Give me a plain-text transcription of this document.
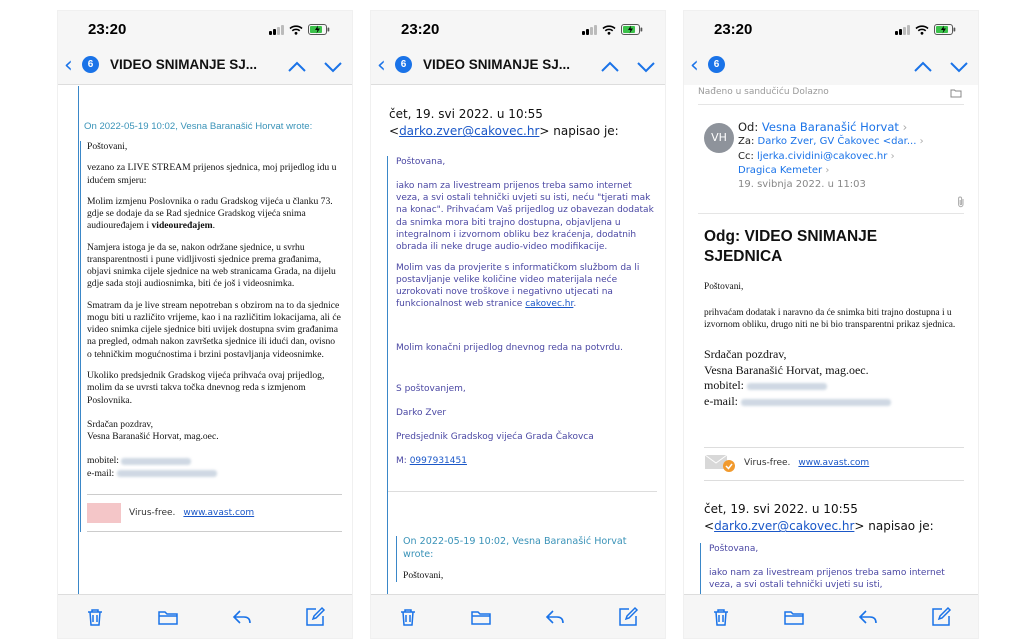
23:20
‹	6	VIDEO SNIMANJE SJ...
On 2022-05-19 10:02, Vesna Baranašić Horvat wrote:

Poštovani,

vezano za LIVE STREAM prijenos sjednica, moj prijedlog idu u idućem smjeru:

Molim izmjenu Poslovnika o radu Gradskog vijeća u članku 73. gdje se dodaje da se Rad sjednice Gradskog vijeća snima audiouređajem i videouređajem.

Namjera istoga je da se, nakon održane sjednice, u svrhu transparentnosti i pune vidljivosti sjednice prema građanima, objavi snimka cijele sjednice na web stranicama Grada, na dijelu gdje sada stoji audiosnimka, biti će još i videosnimka.

Smatram da je live stream nepotreban s obzirom na to da sjednice mogu biti u različito vrijeme, kao i na različitim lokacijama, ali će video snimka cijele sjednice biti uvijek dostupna svim građanima na pregled, odmah nakon završetka sjednice ili idući dan, ovisno o tehničkim mogućnostima i brzini postavljanja videosnimke.

Ukoliko predsjednik Gradskog vijeća prihvaća ovaj prijedlog, molim da se uvrsti takva točka dnevnog reda s izmjenom Poslovnika.

Srdačan pozdrav,
Vesna Baranašić Horvat, mag.oec.
mobitel:
e-mail:
Virus-free. www.avast.com
23:20
‹	6	VIDEO SNIMANJE SJ...
čet, 19. svi 2022. u 10:55
<darko.zver@cakovec.hr> napisao je:

Poštovana,

iako nam za livestream prijenos treba samo internet veza, a svi ostali tehnički uvjeti su isti, neću "tjerati mak na konac". Prihvaćam Vaš prijedlog uz obavezan dodatak da snimka mora biti trajno dostupna, objavljena u integralnom i izvornom obliku bez kraćenja, dodatnih obrada ili neke druge audio-video modifikacije.

Molim vas da provjerite s informatičkom službom da li postavljanje velike količine video materijala neće uzrokovati nove troškove i negativno utjecati na funkcionalnost web stranice cakovec.hr.

Molim konačni prijedlog dnevnog reda na potvrdu.

S poštovanjem,

Darko Zver

Predsjednik Gradskog vijeća Grada Čakovca

M: 0997931451

On 2022-05-19 10:02, Vesna Baranašić Horvat wrote:
Poštovani,
23:20
‹	6
Nađeno u sandučiću Dolazno
VH
Od: Vesna Baranašić Horvat ›
Za: Darko Zver, GV Čakovec <dar... ›
Cc: ljerka.cividini@cakovec.hr ›
Dragica Kemeter ›
19. svibnja 2022. u 11:03
Odg: VIDEO SNIMANJE SJEDNICA

Poštovani,

prihvaćam dodatak i naravno da će snimka biti trajno dostupna i u izvornom obliku, drugo niti ne bi bio transparentni prikaz sjednica.

Srdačan pozdrav,
Vesna Baranašić Horvat, mag.oec.
mobitel:
e-mail:
Virus-free. www.avast.com
čet, 19. svi 2022. u 10:55
<darko.zver@cakovec.hr> napisao je:

Poštovana,

iako nam za livestream prijenos treba samo internet veza, a svi ostali tehnički uvjeti su isti,
